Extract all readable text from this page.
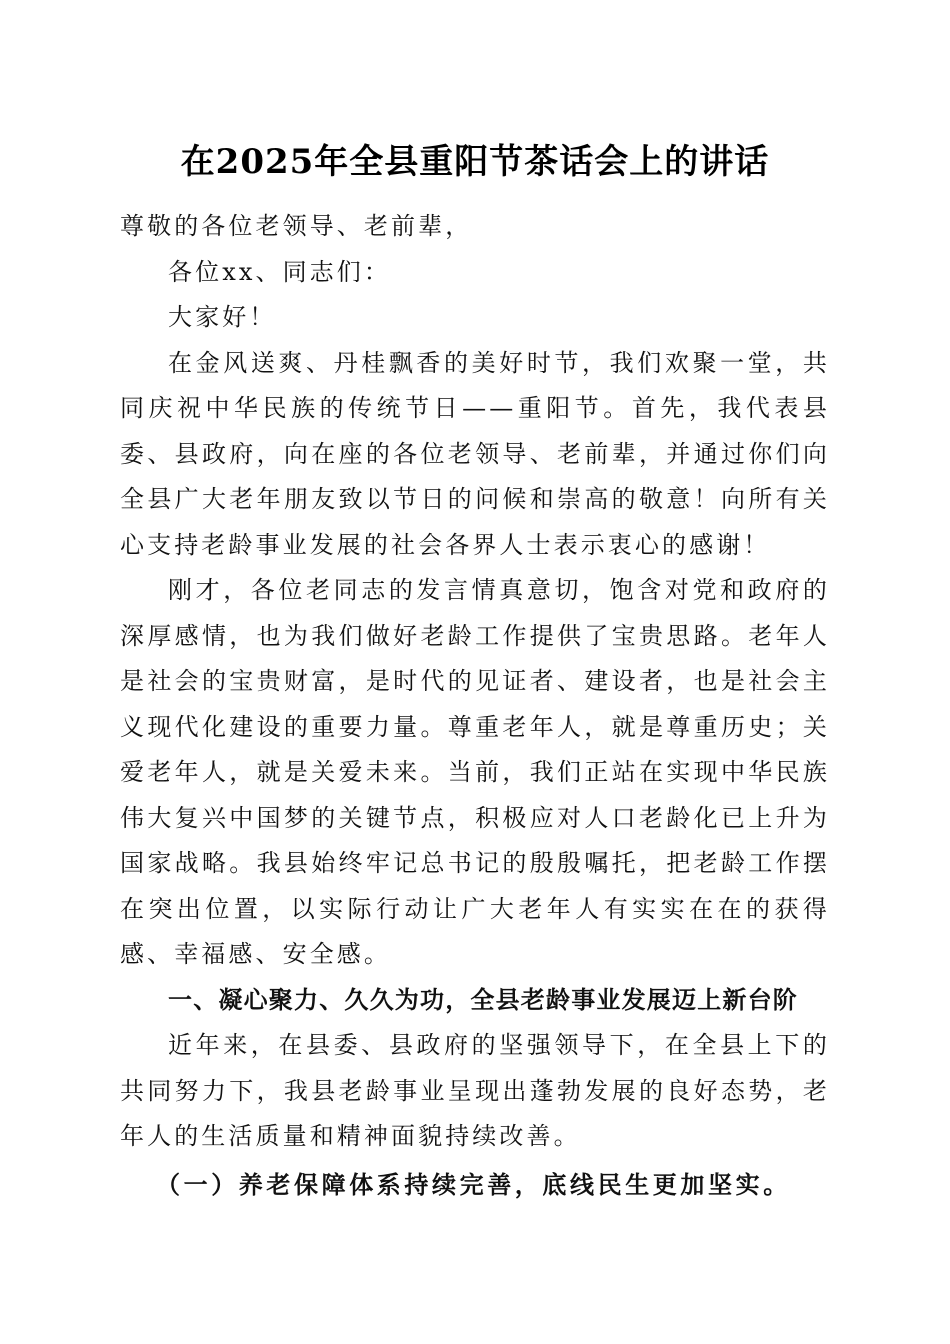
在2025年全县重阳节茶话会上的讲话

尊敬的各位老领导、老前辈，

各位xx、同志们：

大家好！

在金风送爽、丹桂飘香的美好时节，我们欢聚一堂，共同庆祝中华民族的传统节日——重阳节。首先，我代表县委、县政府，向在座的各位老领导、老前辈，并通过你们向全县广大老年朋友致以节日的问候和崇高的敬意！向所有关心支持老龄事业发展的社会各界人士表示衷心的感谢！

刚才，各位老同志的发言情真意切，饱含对党和政府的深厚感情，也为我们做好老龄工作提供了宝贵思路。老年人是社会的宝贵财富，是时代的见证者、建设者，也是社会主义现代化建设的重要力量。尊重老年人，就是尊重历史；关爱老年人，就是关爱未来。当前，我们正站在实现中华民族伟大复兴中国梦的关键节点，积极应对人口老龄化已上升为国家战略。我县始终牢记总书记的殷殷嘱托，把老龄工作摆在突出位置，以实际行动让广大老年人有实实在在的获得感、幸福感、安全感。

一、凝心聚力、久久为功，全县老龄事业发展迈上新台阶

近年来，在县委、县政府的坚强领导下，在全县上下的共同努力下，我县老龄事业呈现出蓬勃发展的良好态势，老年人的生活质量和精神面貌持续改善。

（一）养老保障体系持续完善，底线民生更加坚实。
